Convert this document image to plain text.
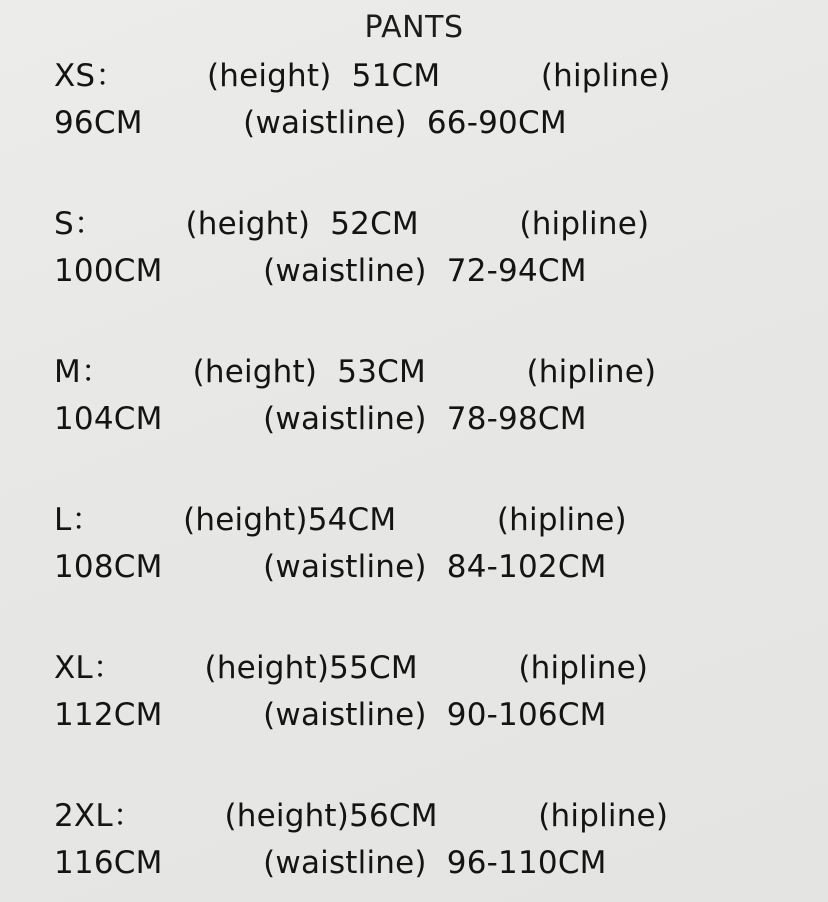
PANTS
XS：        (height)  51CM          (hipline)
96CM          (waistline)  66-90CM
S：        (height)  52CM          (hipline)
100CM          (waistline)  72-94CM
M：        (height)  53CM          (hipline)
104CM          (waistline)  78-98CM
L：        (height)54CM          (hipline)
108CM          (waistline)  84-102CM
XL：        (height)55CM          (hipline)
112CM          (waistline)  90-106CM
2XL：        (height)56CM          (hipline)
116CM          (waistline)  96-110CM
